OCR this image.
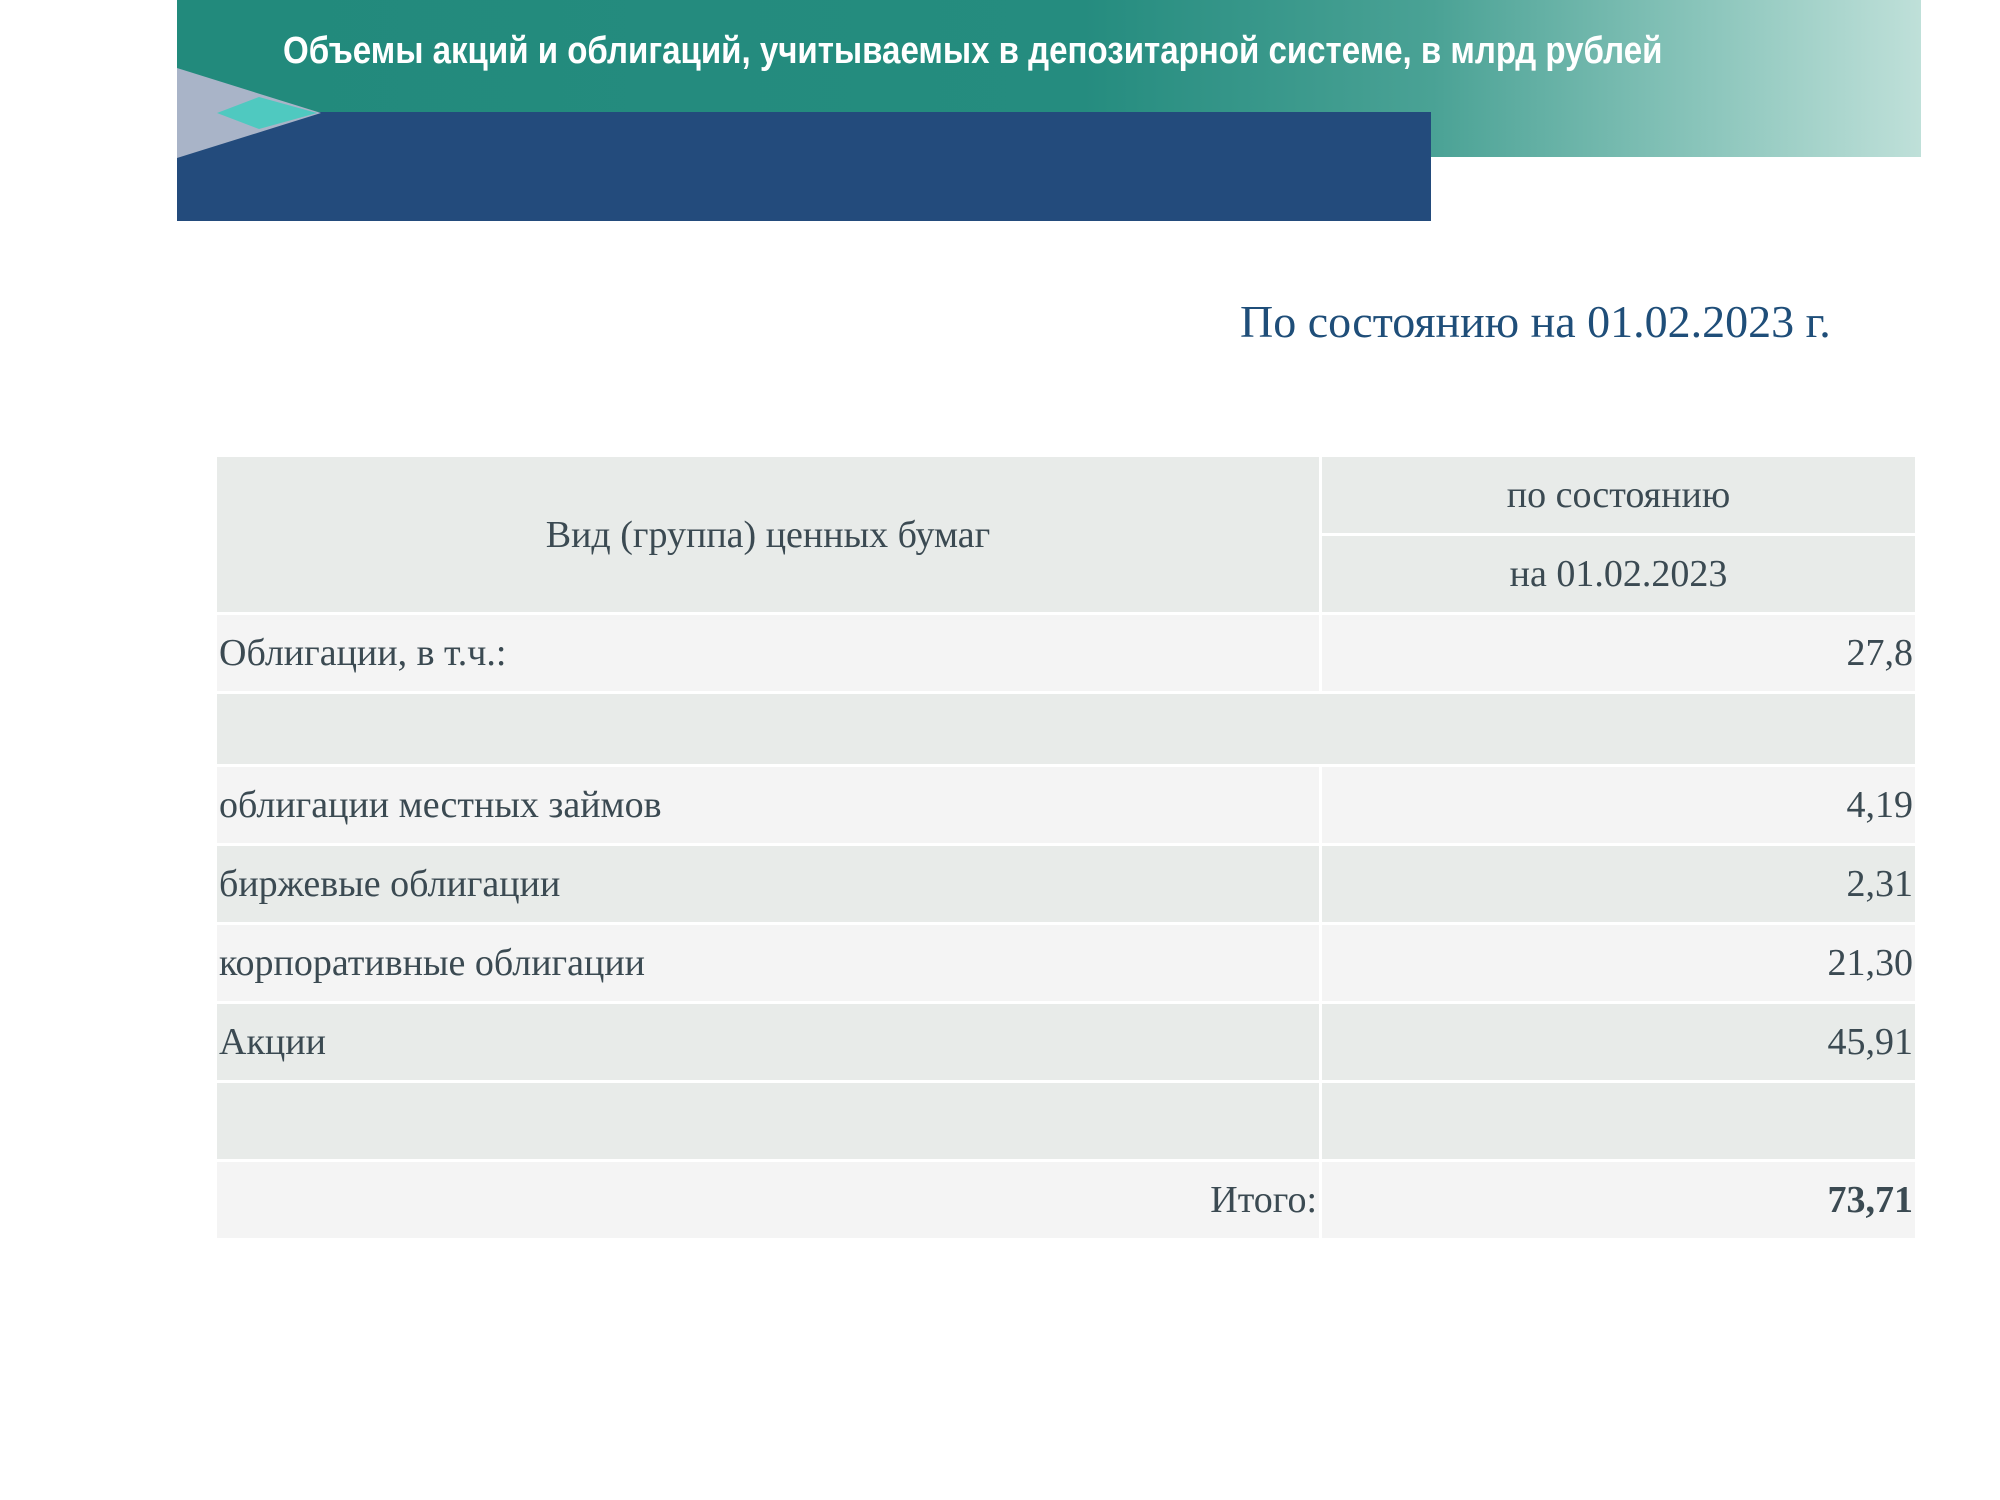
Объемы акций и облигаций, учитываемых в депозитарной системе, в млрд рублей
По состоянию на 01.02.2023 г.
Вид (группа) ценных бумаг
по состоянию
на 01.02.2023
Облигации, в т.ч.:	27,8
облигации местных займов	4,19
биржевые облигации	2,31
корпоративные облигации	21,30
Акции	45,91
Итого:	73,71
